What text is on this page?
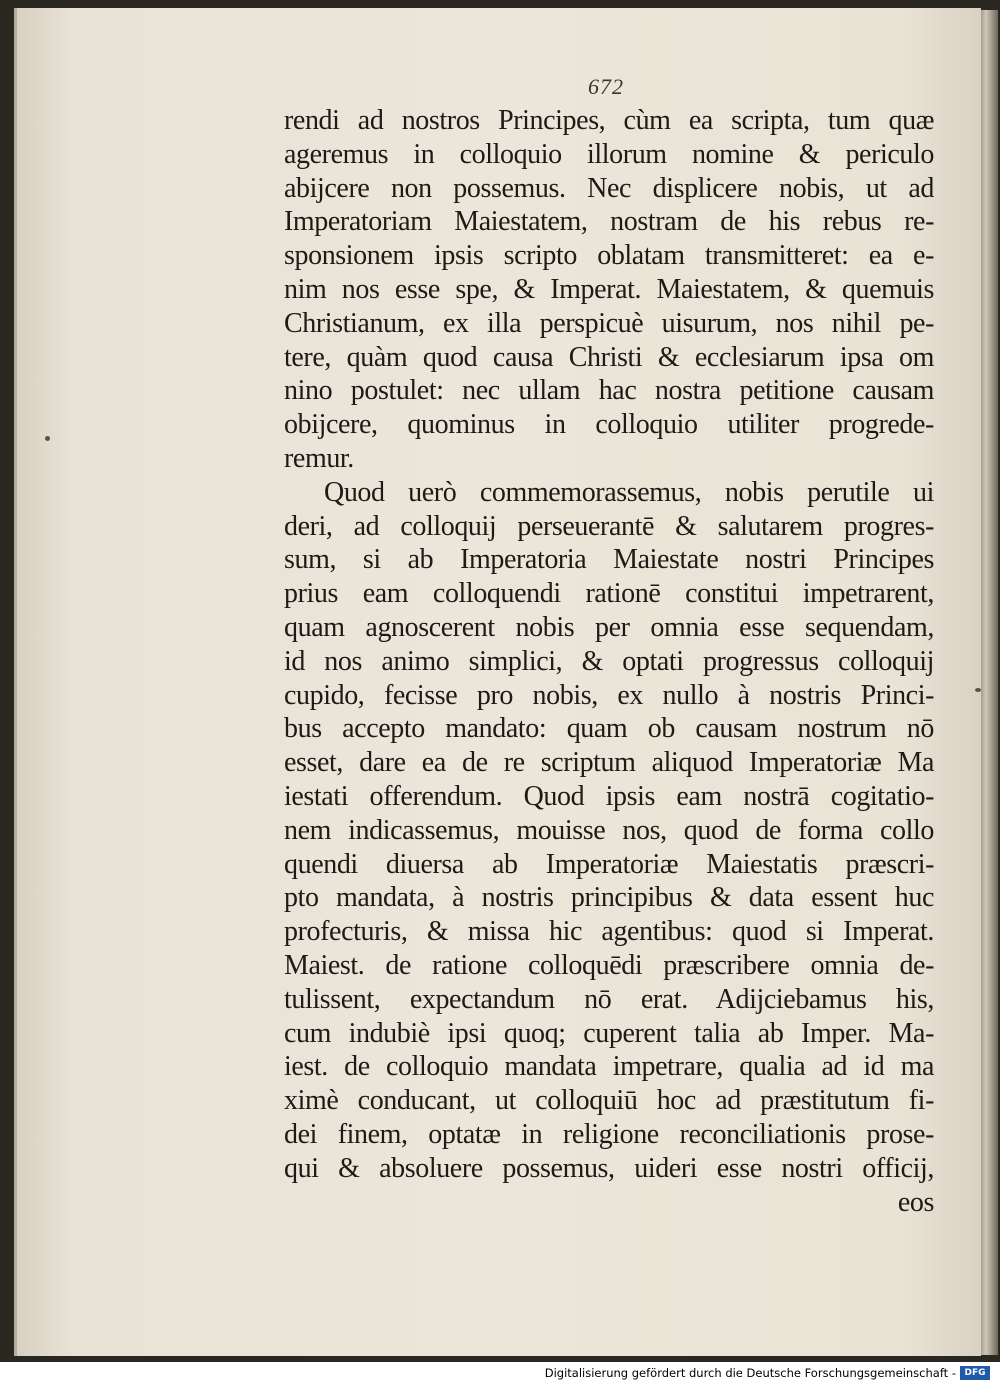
672
rendi ad nostros Principes, cùm ea scripta, tum quæ
ageremus in colloquio illorum nomine & periculo
abijcere non possemus. Nec displicere nobis, ut ad
Imperatoriam Maiestatem, nostram de his rebus re-
sponsionem ipsis scripto oblatam transmitteret: ea e-
nim nos esse spe, & Imperat. Maiestatem, & quemuis
Christianum, ex illa perspicuè uisurum, nos nihil pe-
tere, quàm quod causa Christi & ecclesiarum ipsa om
nino postulet: nec ullam hac nostra petitione causam
obijcere, quominus in colloquio utiliter progrede-
remur.
Quod uerò commemorassemus, nobis perutile ui
deri, ad colloquij perseuerantē & salutarem progres-
sum, si ab Imperatoria Maiestate nostri Principes
prius eam colloquendi rationē constitui impetrarent,
quam agnoscerent nobis per omnia esse sequendam,
id nos animo simplici, & optati progressus colloquij
cupido, fecisse pro nobis, ex nullo à nostris Princi-
bus accepto mandato: quam ob causam nostrum nō
esset, dare ea de re scriptum aliquod Imperatoriæ Ma
iestati offerendum. Quod ipsis eam nostrā cogitatio-
nem indicassemus, mouisse nos, quod de forma collo
quendi diuersa ab Imperatoriæ Maiestatis præscri-
pto mandata, à nostris principibus & data essent huc
profecturis, & missa hic agentibus: quod si Imperat.
Maiest. de ratione colloquēdi præscribere omnia de-
tulissent, expectandum nō erat. Adijciebamus his,
cum indubiè ipsi quoq; cuperent talia ab Imper. Ma-
iest. de colloquio mandata impetrare, qualia ad id ma
ximè conducant, ut colloquiū hoc ad præstitutum fi-
dei finem, optatæ in religione reconciliationis prose-
qui & absoluere possemus, uideri esse nostri officij,
eos
Digitalisierung gefördert durch die Deutsche Forschungsgemeinschaft - DFG
